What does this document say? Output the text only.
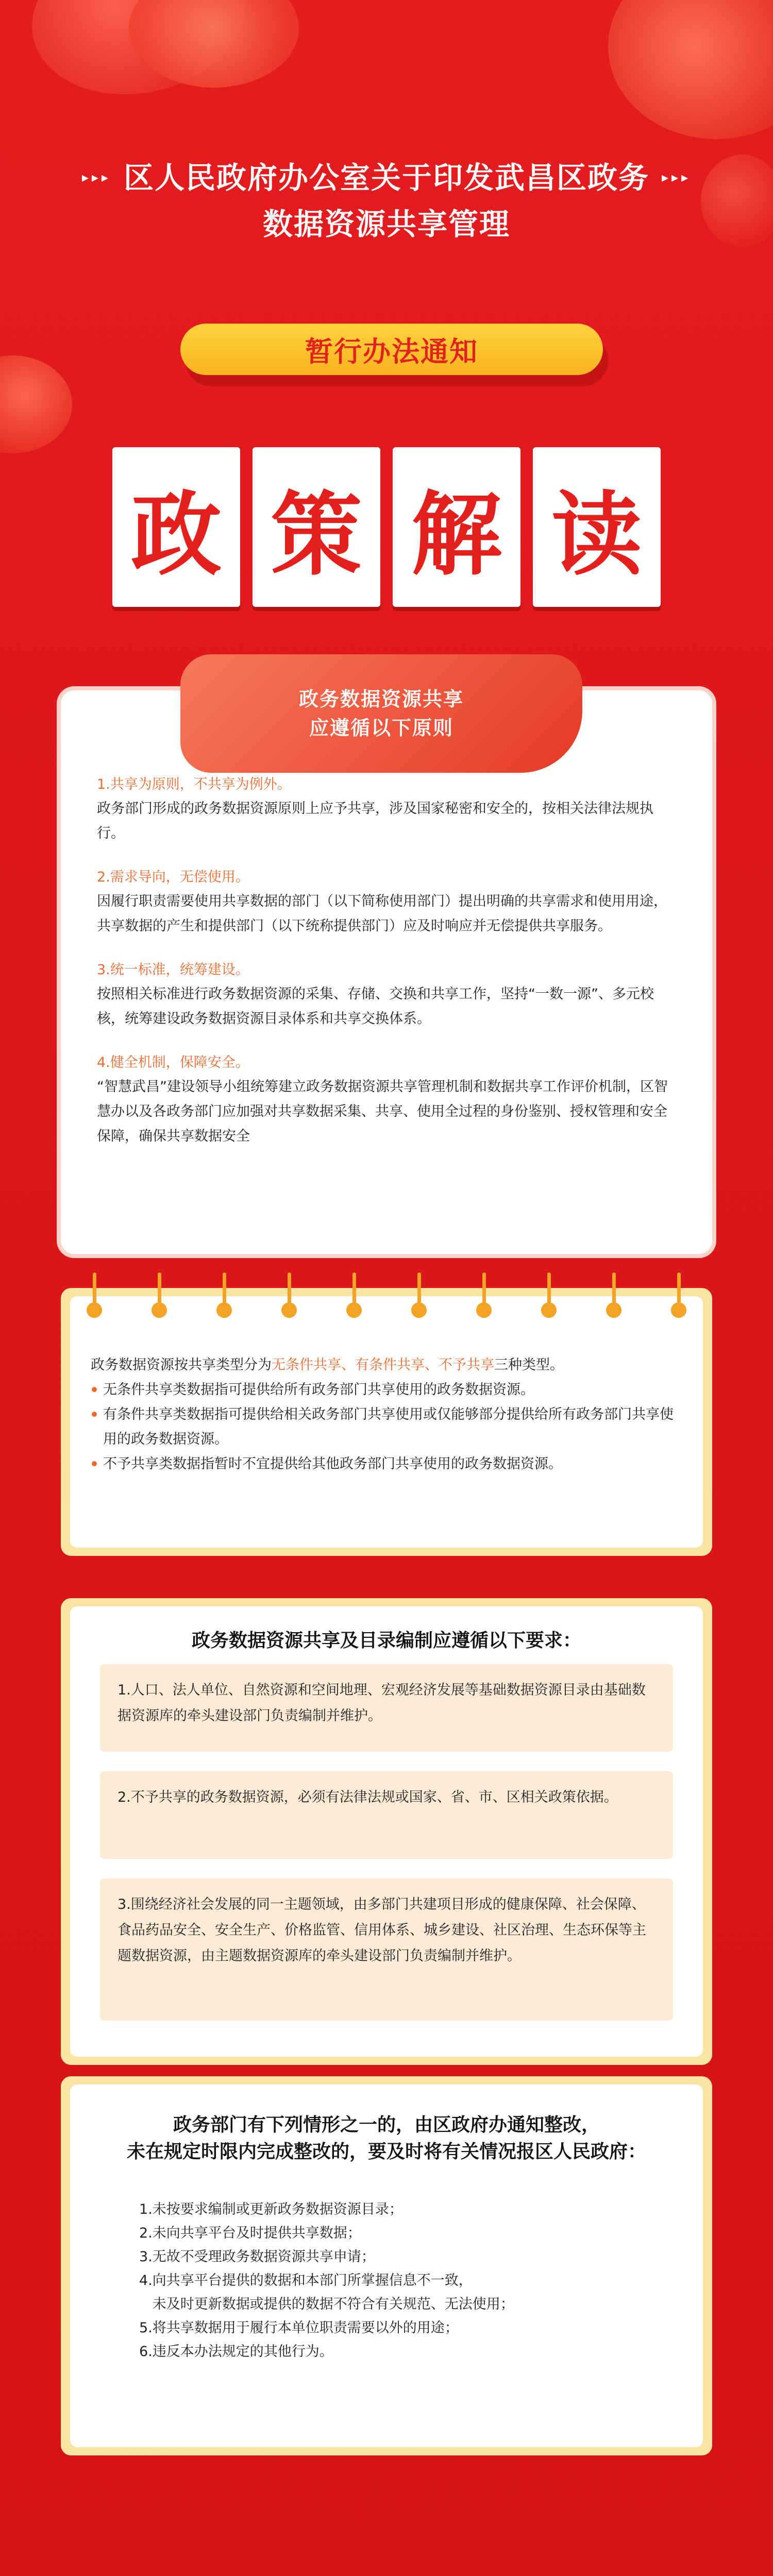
▸▸▸ 区人民政府办公室关于印发武昌区政务 ▸▸▸
数据资源共享管理
暂行办法通知
政 策 解 读
1.共享为原则，不共享为例外。
政务部门形成的政务数据资源原则上应予共享，涉及国家秘密和安全的，按相关法律法规执行。
2.需求导向，无偿使用。
因履行职责需要使用共享数据的部门（以下简称使用部门）提出明确的共享需求和使用用途，共享数据的产生和提供部门（以下统称提供部门）应及时响应并无偿提供共享服务。
3.统一标准，统筹建设。
按照相关标准进行政务数据资源的采集、存储、交换和共享工作，坚持“一数一源”、多元校核，统筹建设政务数据资源目录体系和共享交换体系。
4.健全机制，保障安全。
“智慧武昌”建设领导小组统筹建立政务数据资源共享管理机制和数据共享工作评价机制，区智慧办以及各政务部门应加强对共享数据采集、共享、使用全过程的身份鉴别、授权管理和安全保障，确保共享数据安全
政务数据资源共享
应遵循以下原则
政务数据资源按共享类型分为无条件共享、有条件共享、不予共享三种类型。
无条件共享类数据指可提供给所有政务部门共享使用的政务数据资源。
有条件共享类数据指可提供给相关政务部门共享使用或仅能够部分提供给所有政务部门共享使用的政务数据资源。
不予共享类数据指暂时不宜提供给其他政务部门共享使用的政务数据资源。
政务数据资源共享及目录编制应遵循以下要求：
1.人口、法人单位、自然资源和空间地理、宏观经济发展等基础数据资源目录由基础数据资源库的牵头建设部门负责编制并维护。
2.不予共享的政务数据资源，必须有法律法规或国家、省、市、区相关政策依据。
3.围绕经济社会发展的同一主题领域，由多部门共建项目形成的健康保障、社会保障、食品药品安全、安全生产、价格监管、信用体系、城乡建设、社区治理、生态环保等主题数据资源，由主题数据资源库的牵头建设部门负责编制并维护。
政务部门有下列情形之一的，由区政府办通知整改，
未在规定时限内完成整改的，要及时将有关情况报区人民政府：
1.未按要求编制或更新政务数据资源目录；
2.未向共享平台及时提供共享数据；
3.无故不受理政务数据资源共享申请；
4.向共享平台提供的数据和本部门所掌握信息不一致，
未及时更新数据或提供的数据不符合有关规范、无法使用；
5.将共享数据用于履行本单位职责需要以外的用途；
6.违反本办法规定的其他行为。
